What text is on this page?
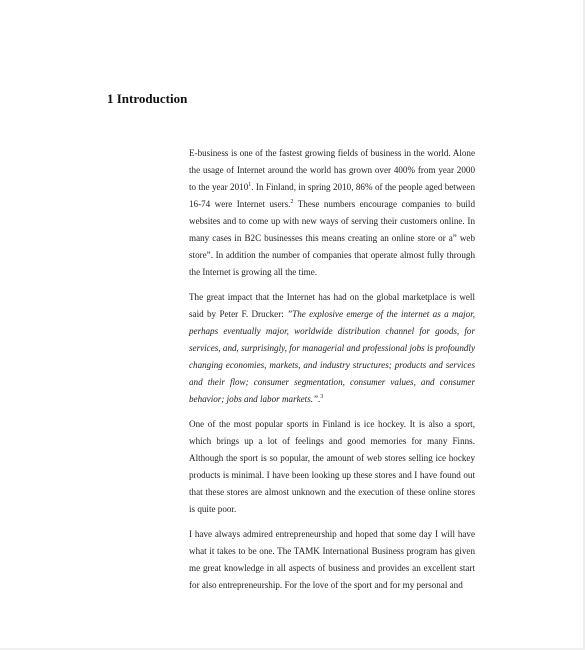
1 Introduction

E-business is one of the fastest growing fields of business in the world. Alone the usage of Internet around the world has grown over 400% from year 2000 to the year 2010$^1$. In Finland, in spring 2010, 86% of the people aged between 16-74 were Internet users.$^2$ These numbers encourage companies to build websites and to come up with new ways of serving their customers online. In many cases in B2C businesses this means creating an online store or a” web store”. In addition the number of companies that operate almost fully through the Internet is growing all the time.

The great impact that the Internet has had on the global marketplace is well said by Peter F. Drucker: ”The explosive emerge of the internet as a major, perhaps eventually major, worldwide distribution channel for goods, for services, and, surprisingly, for managerial and professional jobs is profoundly changing economies, markets, and industry structures; products and services and their flow; consumer segmentation, consumer values, and consumer behavior; jobs and labor markets.”.$^3$

One of the most popular sports in Finland is ice hockey. It is also a sport, which brings up a lot of feelings and good memories for many Finns. Although the sport is so popular, the amount of web stores selling ice hockey products is minimal. I have been looking up these stores and I have found out that these stores are almost unknown and the execution of these online stores is quite poor.

I have always admired entrepreneurship and hoped that some day I will have what it takes to be one. The TAMK International Business program has given me great knowledge in all aspects of business and provides an excellent start for also entrepreneurship. For the love of the sport and for my personal and
